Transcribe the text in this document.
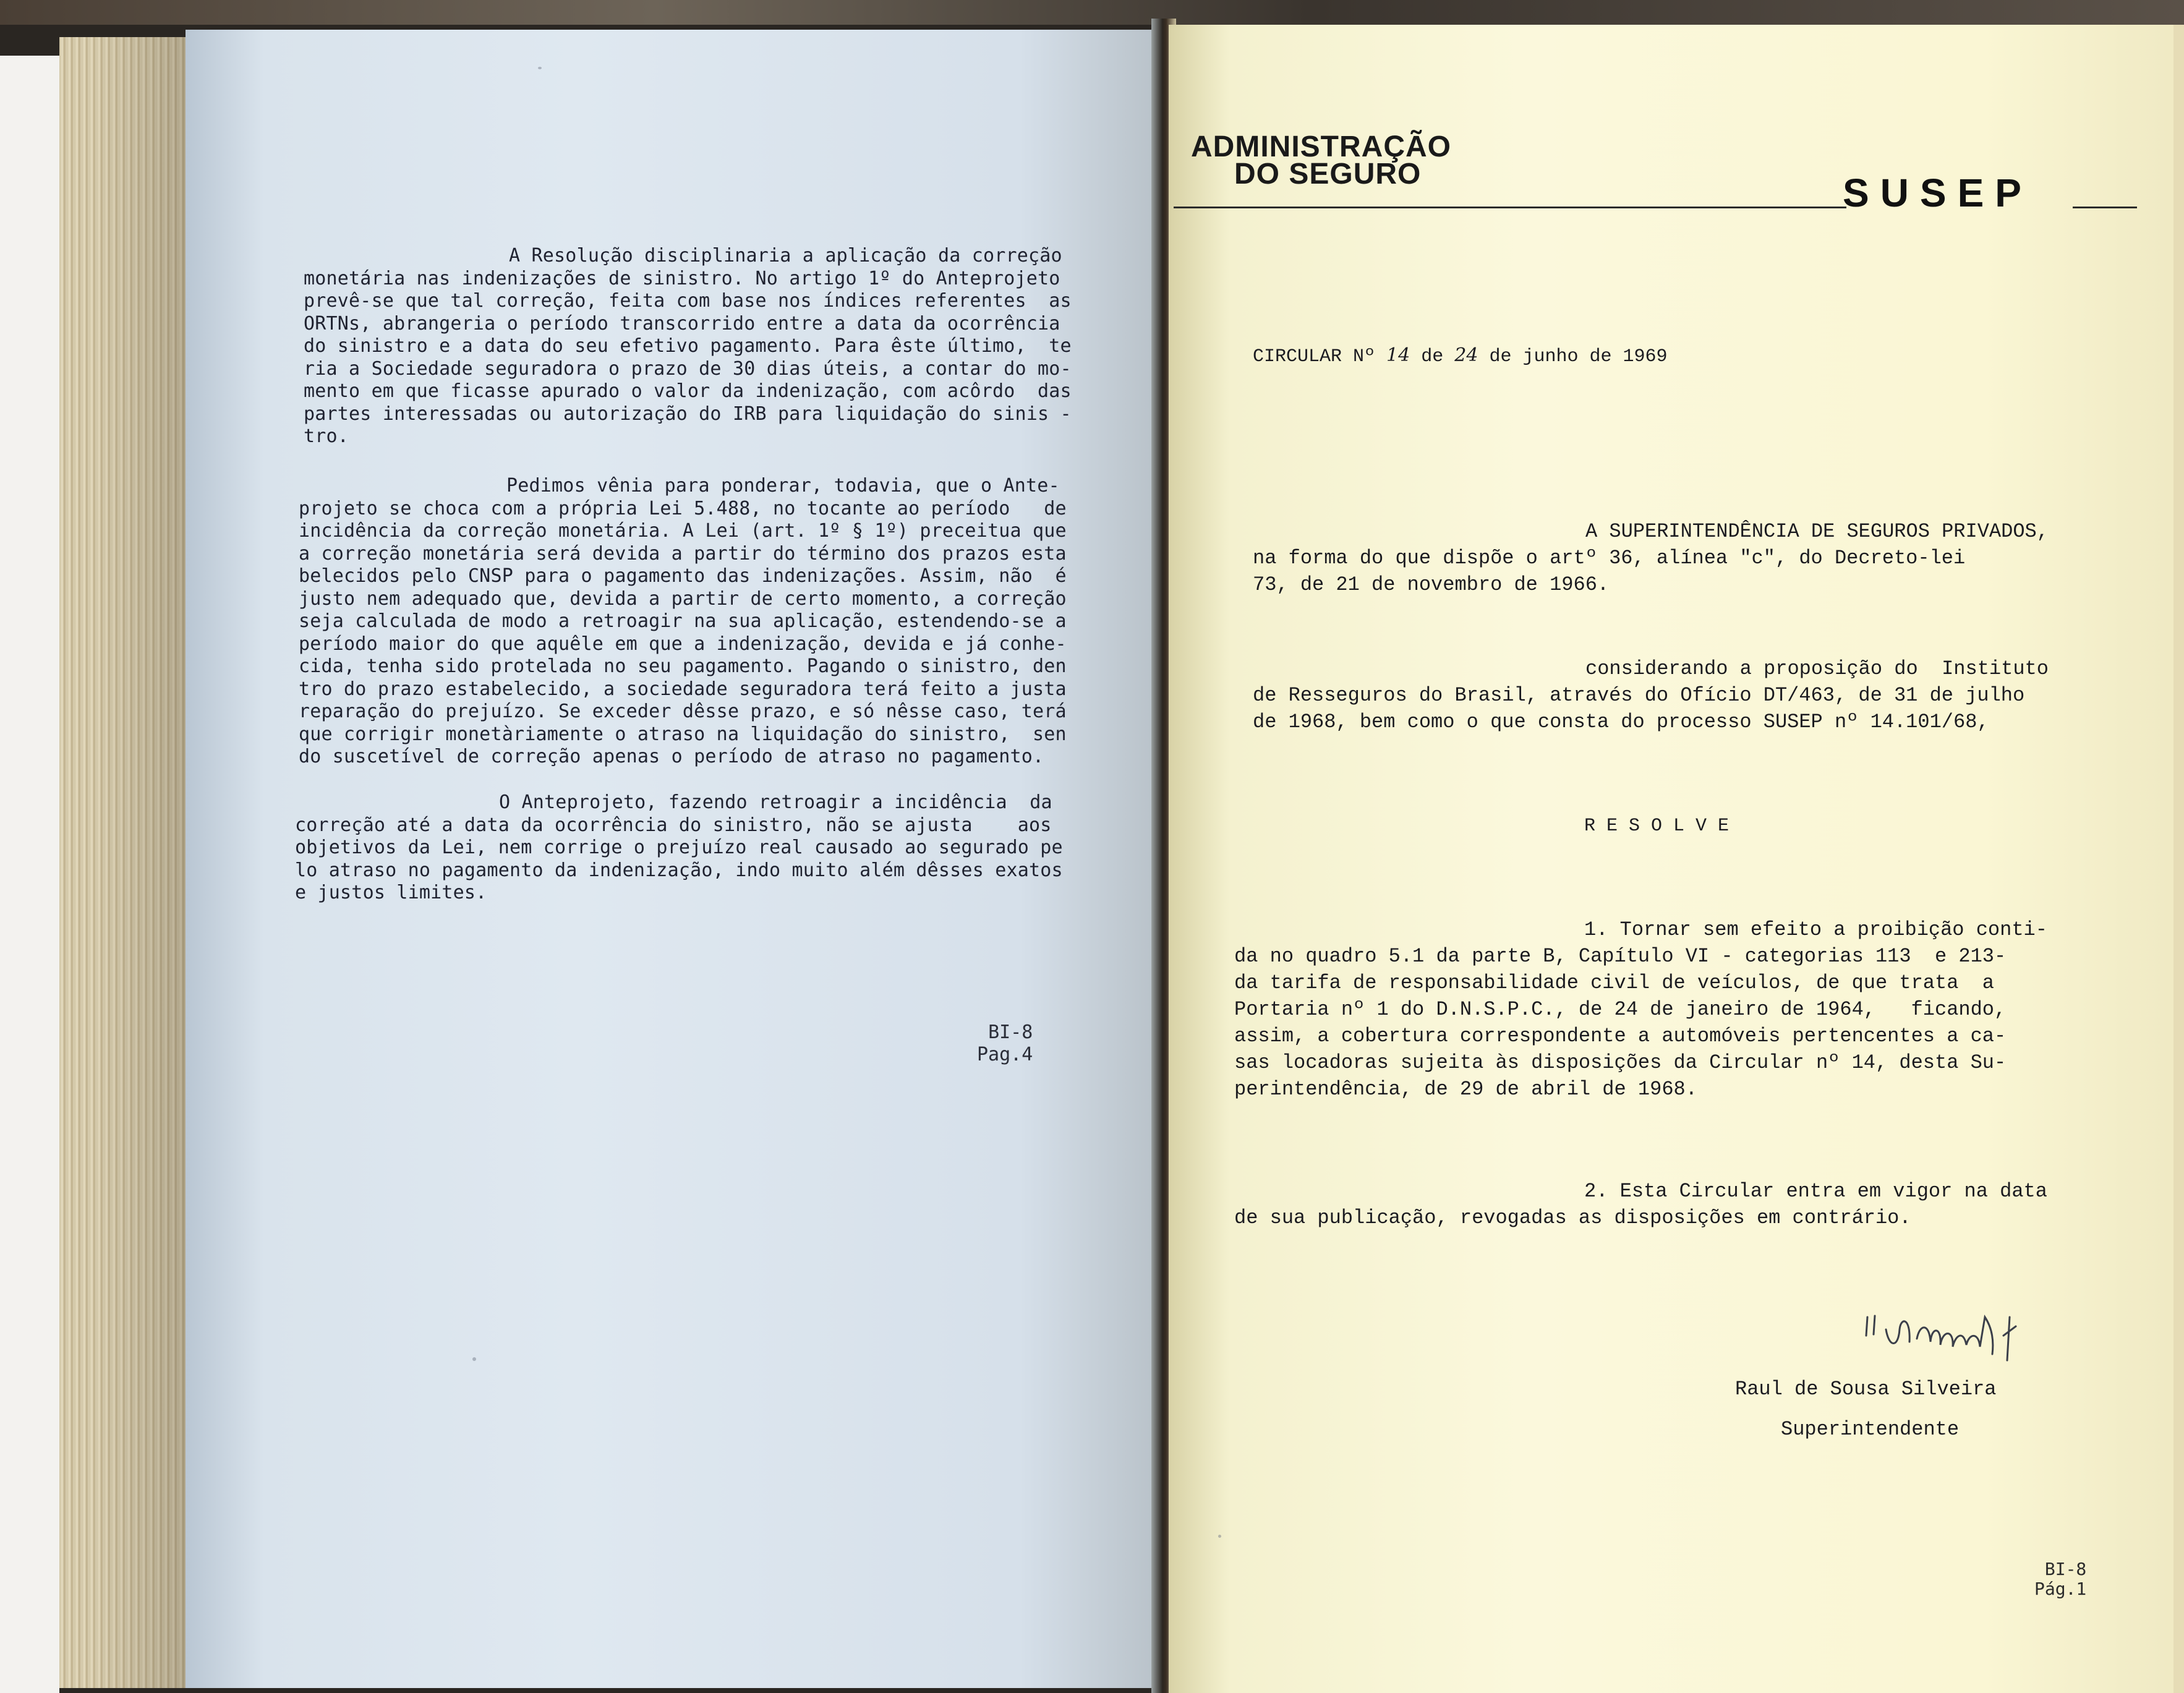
A Resolução disciplinaria a aplicação da correção
monetária nas indenizações de sinistro. No artigo 1º do Anteprojeto
prevê-se que tal correção, feita com base nos índices referentes  as
ORTNs, abrangeria o período transcorrido entre a data da ocorrência
do sinistro e a data do seu efetivo pagamento. Para êste último,  te
ria a Sociedade seguradora o prazo de 30 dias úteis, a contar do mo-
mento em que ficasse apurado o valor da indenização, com acôrdo  das
partes interessadas ou autorização do IRB para liquidação do sinis -
tro.
Pedimos vênia para ponderar, todavia, que o Ante-
projeto se choca com a própria Lei 5.488, no tocante ao período   de
incidência da correção monetária. A Lei (art. 1º § 1º) preceitua que
a correção monetária será devida a partir do término dos prazos esta
belecidos pelo CNSP para o pagamento das indenizações. Assim, não  é
justo nem adequado que, devida a partir de certo momento, a correção
seja calculada de modo a retroagir na sua aplicação, estendendo-se a
período maior do que aquêle em que a indenização, devida e já conhe-
cida, tenha sido protelada no seu pagamento. Pagando o sinistro, den
tro do prazo estabelecido, a sociedade seguradora terá feito a justa
reparação do prejuízo. Se exceder dêsse prazo, e só nêsse caso, terá
que corrigir monetàriamente o atraso na liquidação do sinistro,  sen
do suscetível de correção apenas o período de atraso no pagamento.
O Anteprojeto, fazendo retroagir a incidência  da
correção até a data da ocorrência do sinistro, não se ajusta    aos
objetivos da Lei, nem corrige o prejuízo real causado ao segurado pe
lo atraso no pagamento da indenização, indo muito além dêsses exatos
e justos limites.
BI-8
Pag.4
ADMINISTRAÇÃO
DO SEGURO	SUSEP
CIRCULAR Nº 14 de 24 de junho de 1969
A SUPERINTENDÊNCIA DE SEGUROS PRIVADOS,
na forma do que dispõe o artº 36, alínea "c", do Decreto-lei
73, de 21 de novembro de 1966.
considerando a proposição do  Instituto
de Resseguros do Brasil, através do Ofício DT/463, de 31 de julho
de 1968, bem como o que consta do processo SUSEP nº 14.101/68,
R E S O L V E
1. Tornar sem efeito a proibição conti-
da no quadro 5.1 da parte B, Capítulo VI - categorias 113  e 213-
da tarifa de responsabilidade civil de veículos, de que trata  a
Portaria nº 1 do D.N.S.P.C., de 24 de janeiro de 1964,   ficando,
assim, a cobertura correspondente a automóveis pertencentes a ca-
sas locadoras sujeita às disposições da Circular nº 14, desta Su-
perintendência, de 29 de abril de 1968.
2. Esta Circular entra em vigor na data
de sua publicação, revogadas as disposições em contrário.
Raul de Sousa Silveira
Superintendente
BI-8
Pág.1
